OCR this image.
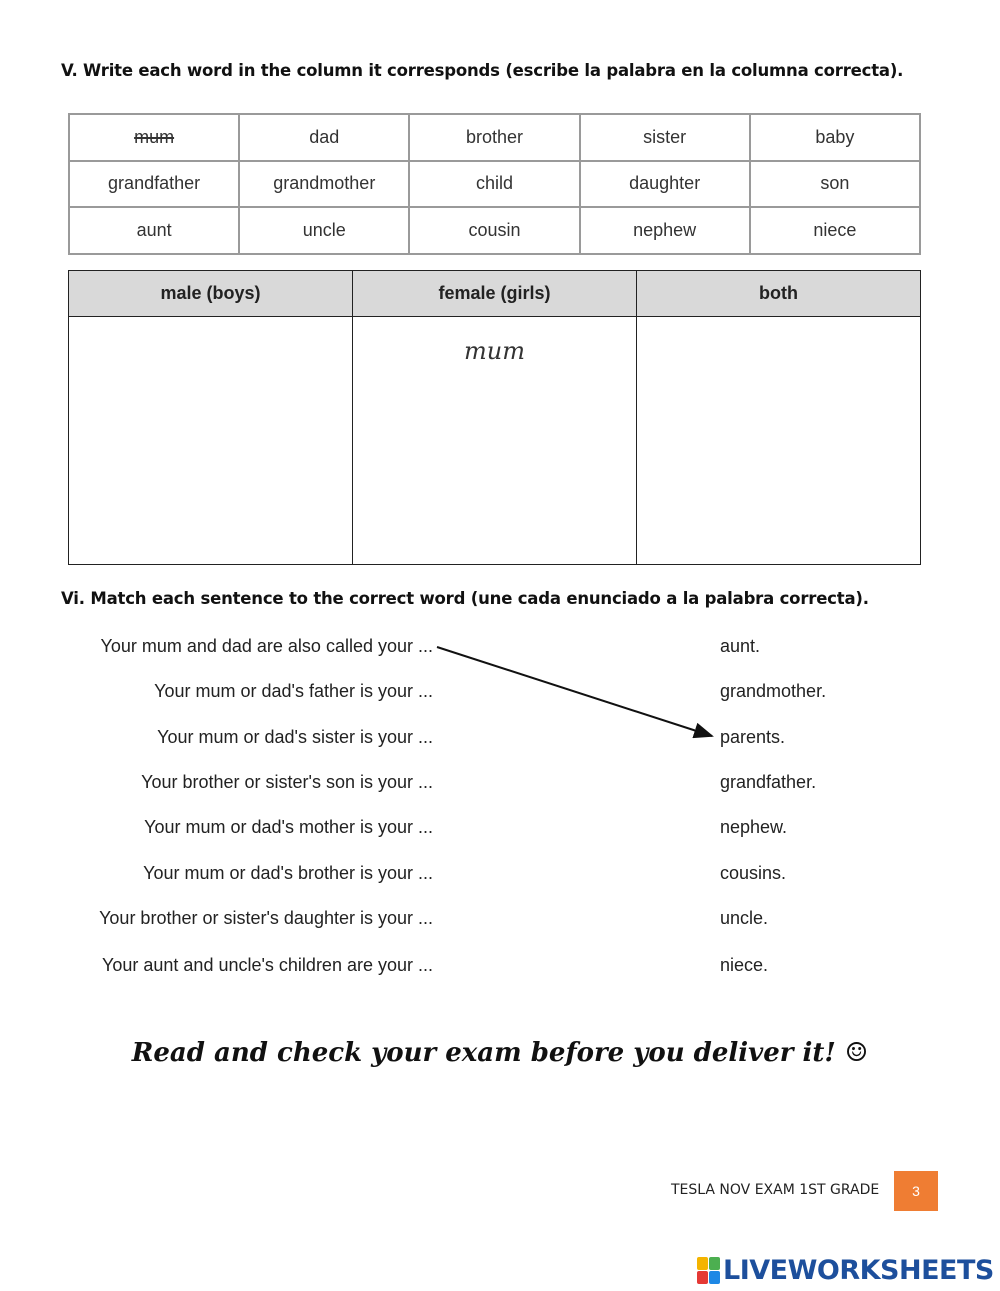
V. Write each word in the column it corresponds (escribe la palabra en la columna correcta).
mum	dad	brother	sister	baby
grandfather	grandmother	child	daughter	son
aunt	uncle	cousin	nephew	niece
male (boys)	female (girls)	both

	mum	

Vi. Match each sentence to the correct word (une cada enunciado a la palabra correcta).
Your mum and dad are also called your ...
Your mum or dad's father is your ...
Your mum or dad's sister is your ...
Your brother or sister's son is your ...
Your mum or dad's mother is your ...
Your mum or dad's brother is your ...
Your brother or sister's daughter is your ...
Your aunt and uncle's children are your ...
aunt.
grandmother.
parents.
grandfather.
nephew.
cousins.
uncle.
niece.
Read and check your exam before you deliver it! ☺
TESLA NOV EXAM 1ST GRADE	3
LIVEWORKSHEETS
